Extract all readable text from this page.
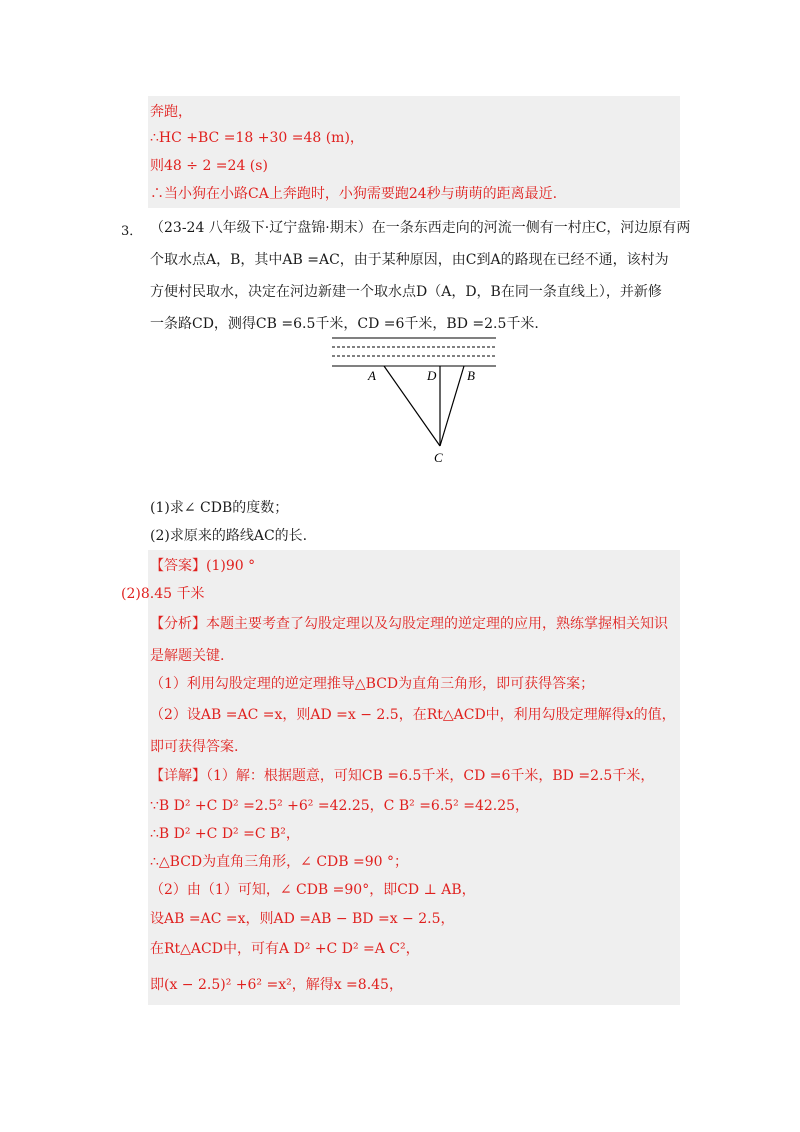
奔跑，
∴HC +BC =18 +30 =48 (m)，
则48 ÷ 2 =24 (s)
∴当小狗在小路CA上奔跑时，小狗需要跑24秒与萌萌的距离最近.
3． （23-24 八年级下·辽宁盘锦·期末）在一条东西走向的河流一侧有一村庄C，河边原有两
个取水点A，B，其中AB =AC，由于某种原因，由C到A的路现在已经不通，该村为
方便村民取水，决定在河边新建一个取水点D（A，D，B在同一条直线上），并新修
一条路CD，测得CB =6.5千米，CD =6千米，BD =2.5千米.
A	D B
C
(1)求∠ CDB的度数；
(2)求原来的路线AC的长.
【答案】(1)90 °
(2)8.45 千米
【分析】本题主要考查了勾股定理以及勾股定理的逆定理的应用，熟练掌握相关知识
是解题关键.
（1）利用勾股定理的逆定理推导△BCD为直角三角形，即可获得答案；
（2）设AB =AC =x，则AD =x − 2.5，在Rt△ACD中，利用勾股定理解得x的值，
即可获得答案.
【详解】（1）解：根据题意，可知CB =6.5千米，CD =6千米，BD =2.5千米，
∵B D² +C D² =2.5² +6² =42.25，C B² =6.5² =42.25，
∴B D² +C D² =C B²，
∴△BCD为直角三角形，∠ CDB =90 °；
（2）由（1）可知，∠ CDB =90°，即CD ⊥ AB，
设AB =AC =x，则AD =AB − BD =x − 2.5，
在Rt△ACD中，可有A D² +C D² =A C²，
即(x − 2.5)² +6² =x²，解得x =8.45，
